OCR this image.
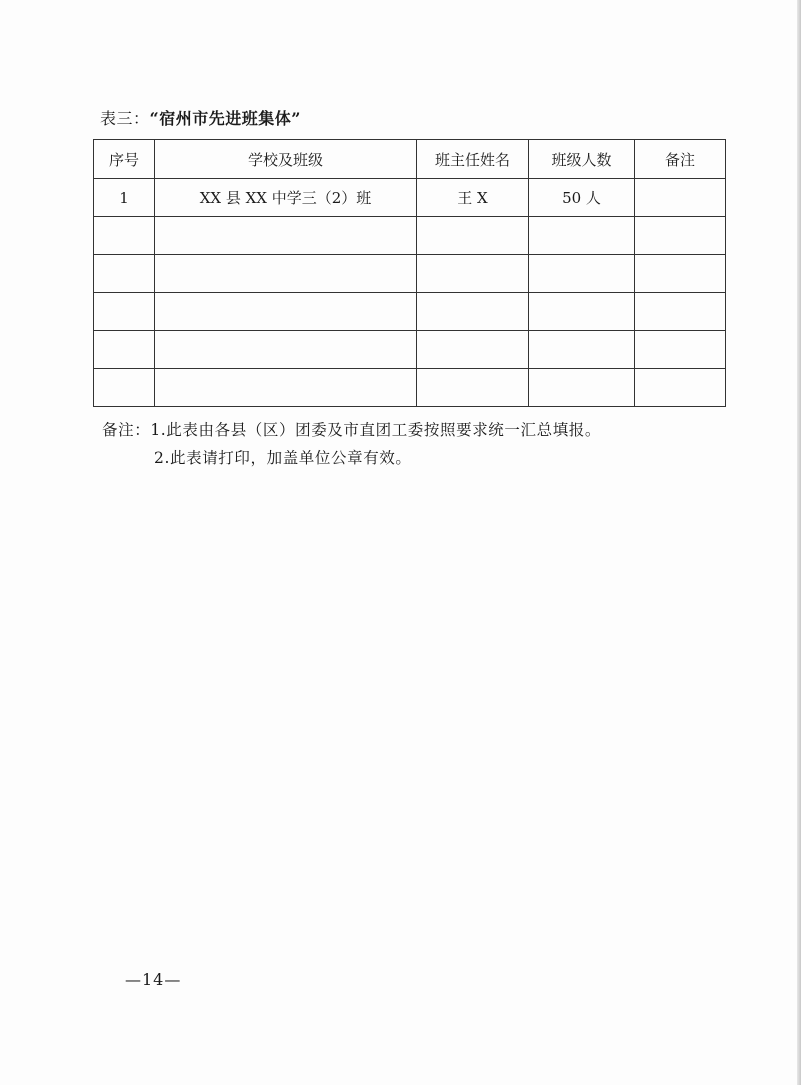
表三：“宿州市先进班集体”
序号	学校及班级	班主任姓名	班级人数	备注
1	XX 县 XX 中学三（2）班	王 X	50 人	

备注：1.此表由各县（区）团委及市直团工委按照要求统一汇总填报。
2.此表请打印，加盖单位公章有效。
—14—
